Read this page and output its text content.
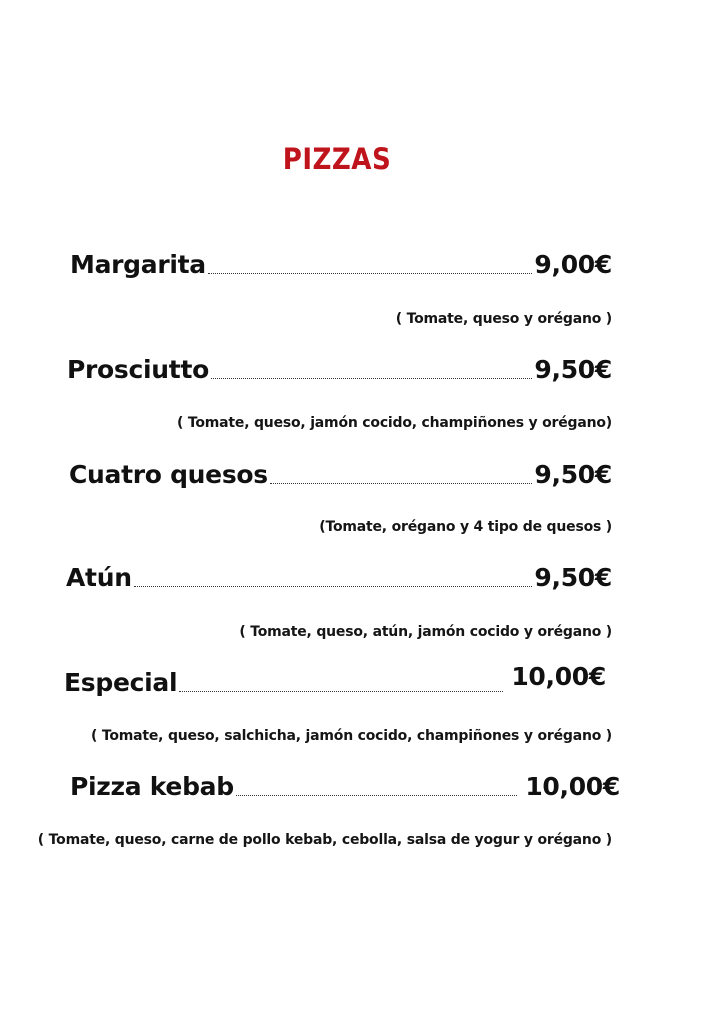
PIZZAS
Margarita	9,00€
( Tomate, queso y orégano )
Prosciutto	9,50€
( Tomate, queso, jamón cocido, champiñones y orégano)
Cuatro quesos	9,50€
(Tomate, orégano y 4 tipo de quesos )
Atún	9,50€
( Tomate, queso, atún, jamón cocido y orégano )
Especial	10,00€
( Tomate, queso, salchicha, jamón cocido, champiñones y orégano )
Pizza kebab	10,00€
( Tomate, queso, carne de pollo kebab, cebolla, salsa de yogur y orégano )
